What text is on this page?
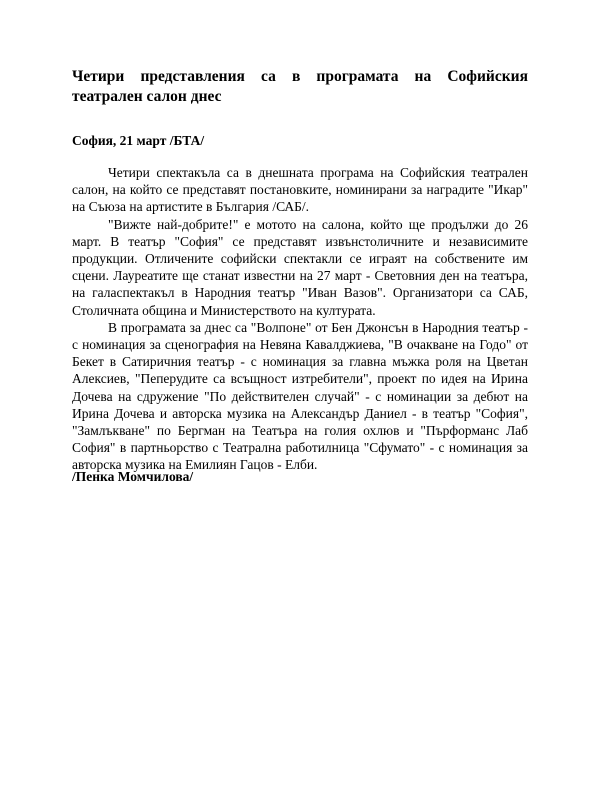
Четири представления са в програмата на Софийския театрален салон днес

София, 21 март /БТА/

Четири спектакъла са в днешната програма на Софийския театрален салон, на който се представят постановките, номинирани за наградите "Икар" на Съюза на артистите в България /САБ/.

"Вижте най-добрите!" е мотото на салона, който ще продължи до 26 март. В театър "София" се представят извънстоличните и независимите продукции. Отличените софийски спектакли се играят на собствените им сцени. Лауреатите ще станат известни на 27 март - Световния ден на театъра, на галаспектакъл в Народния театър "Иван Вазов". Организатори са САБ, Столичната община и Министерството на културата.

В програмата за днес са "Волпоне" от Бен Джонсън в Народния театър - с номинация за сценография на Невяна Кавалджиева, "В очакване на Годо" от Бекет в Сатиричния театър - с номинация за главна мъжка роля на Цветан Алексиев, "Пеперудите са всъщност изтребители", проект по идея на Ирина Дочева на сдружение "По действителен случай" - с номинации за дебют на Ирина Дочева и авторска музика на Александър Даниел - в театър "София", "Замлъкване" по Бергман на Театъра на голия охлюв и "Пърформанс Лаб София" в партньорство с Театрална работилница "Сфумато" - с номинация за авторска музика на Емилиян Гацов - Елби.

/Пенка Момчилова/
